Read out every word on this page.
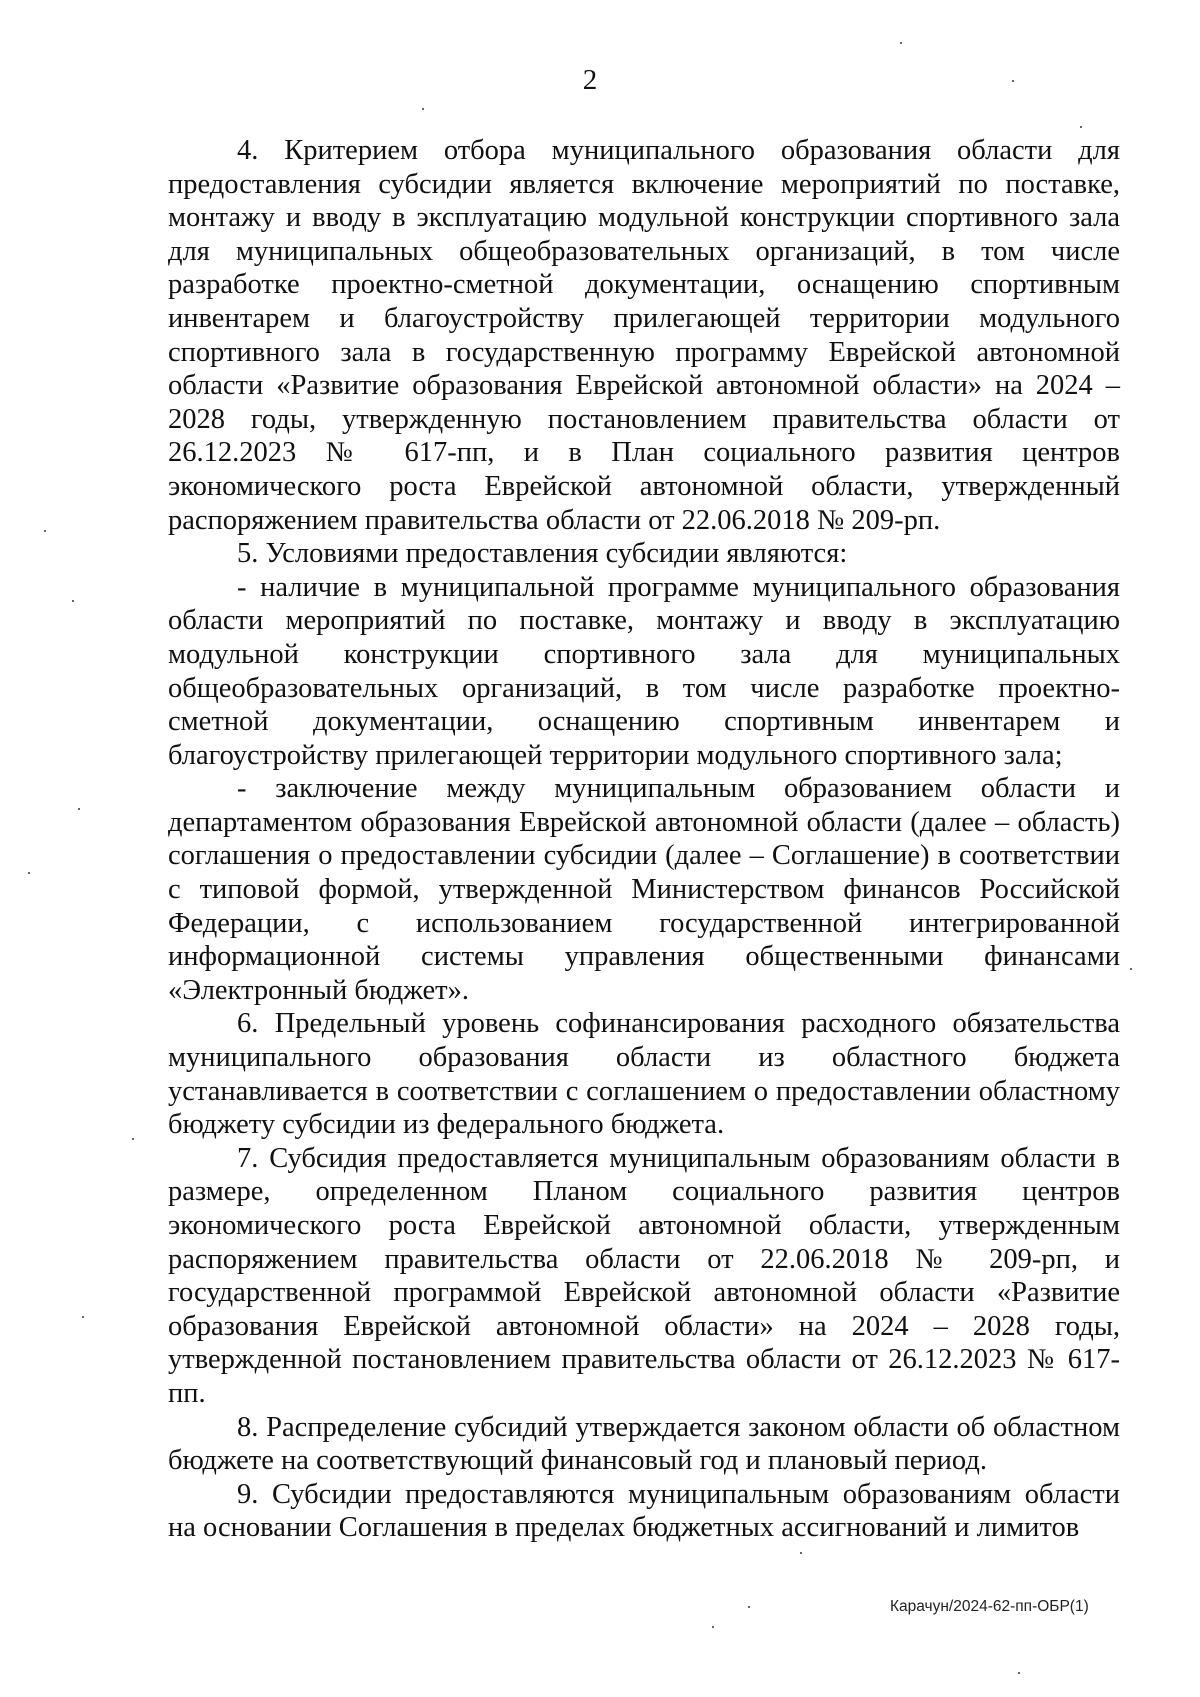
2

4. Критерием отбора муниципального образования области для предоставления субсидии является включение мероприятий по поставке, монтажу и вводу в эксплуатацию модульной конструкции спортивного зала для муниципальных общеобразовательных организаций, в том числе разработке проектно-сметной документации, оснащению спортивным инвентарем и благоустройству прилегающей территории модульного спортивного зала в государственную программу Еврейской автономной области «Развитие образования Еврейской автономной области» на 2024 – 2028 годы, утвержденную постановлением правительства области от 26.12.2023 № 617-пп, и в План социального развития центров экономического роста Еврейской автономной области, утвержденный распоряжением правительства области от 22.06.2018 № 209-рп.

5. Условиями предоставления субсидии являются:

- наличие в муниципальной программе муниципального образования области мероприятий по поставке, монтажу и вводу в эксплуатацию модульной конструкции спортивного зала для муниципальных общеобразовательных организаций, в том числе разработке проектно-сметной документации, оснащению спортивным инвентарем и благоустройству прилегающей территории модульного спортивного зала;

- заключение между муниципальным образованием области и департаментом образования Еврейской автономной области (далее – область) соглашения о предоставлении субсидии (далее – Соглашение) в соответствии с типовой формой, утвержденной Министерством финансов Российской Федерации, с использованием государственной интегрированной информационной системы управления общественными финансами «Электронный бюджет».

6. Предельный уровень софинансирования расходного обязательства муниципального образования области из областного бюджета устанавливается в соответствии с соглашением о предоставлении областному бюджету субсидии из федерального бюджета.

7. Субсидия предоставляется муниципальным образованиям области в размере, определенном Планом социального развития центров экономического роста Еврейской автономной области, утвержденным распоряжением правительства области от 22.06.2018 № 209-рп, и государственной программой Еврейской автономной области «Развитие образования Еврейской автономной области» на 2024 – 2028 годы, утвержденной постановлением правительства области от 26.12.2023 № 617-пп.

8. Распределение субсидий утверждается законом области об областном бюджете на соответствующий финансовый год и плановый период.

9. Субсидии предоставляются муниципальным образованиям области на основании Соглашения в пределах бюджетных ассигнований и лимитов

Карачун/2024-62-пп-ОБР(1)
